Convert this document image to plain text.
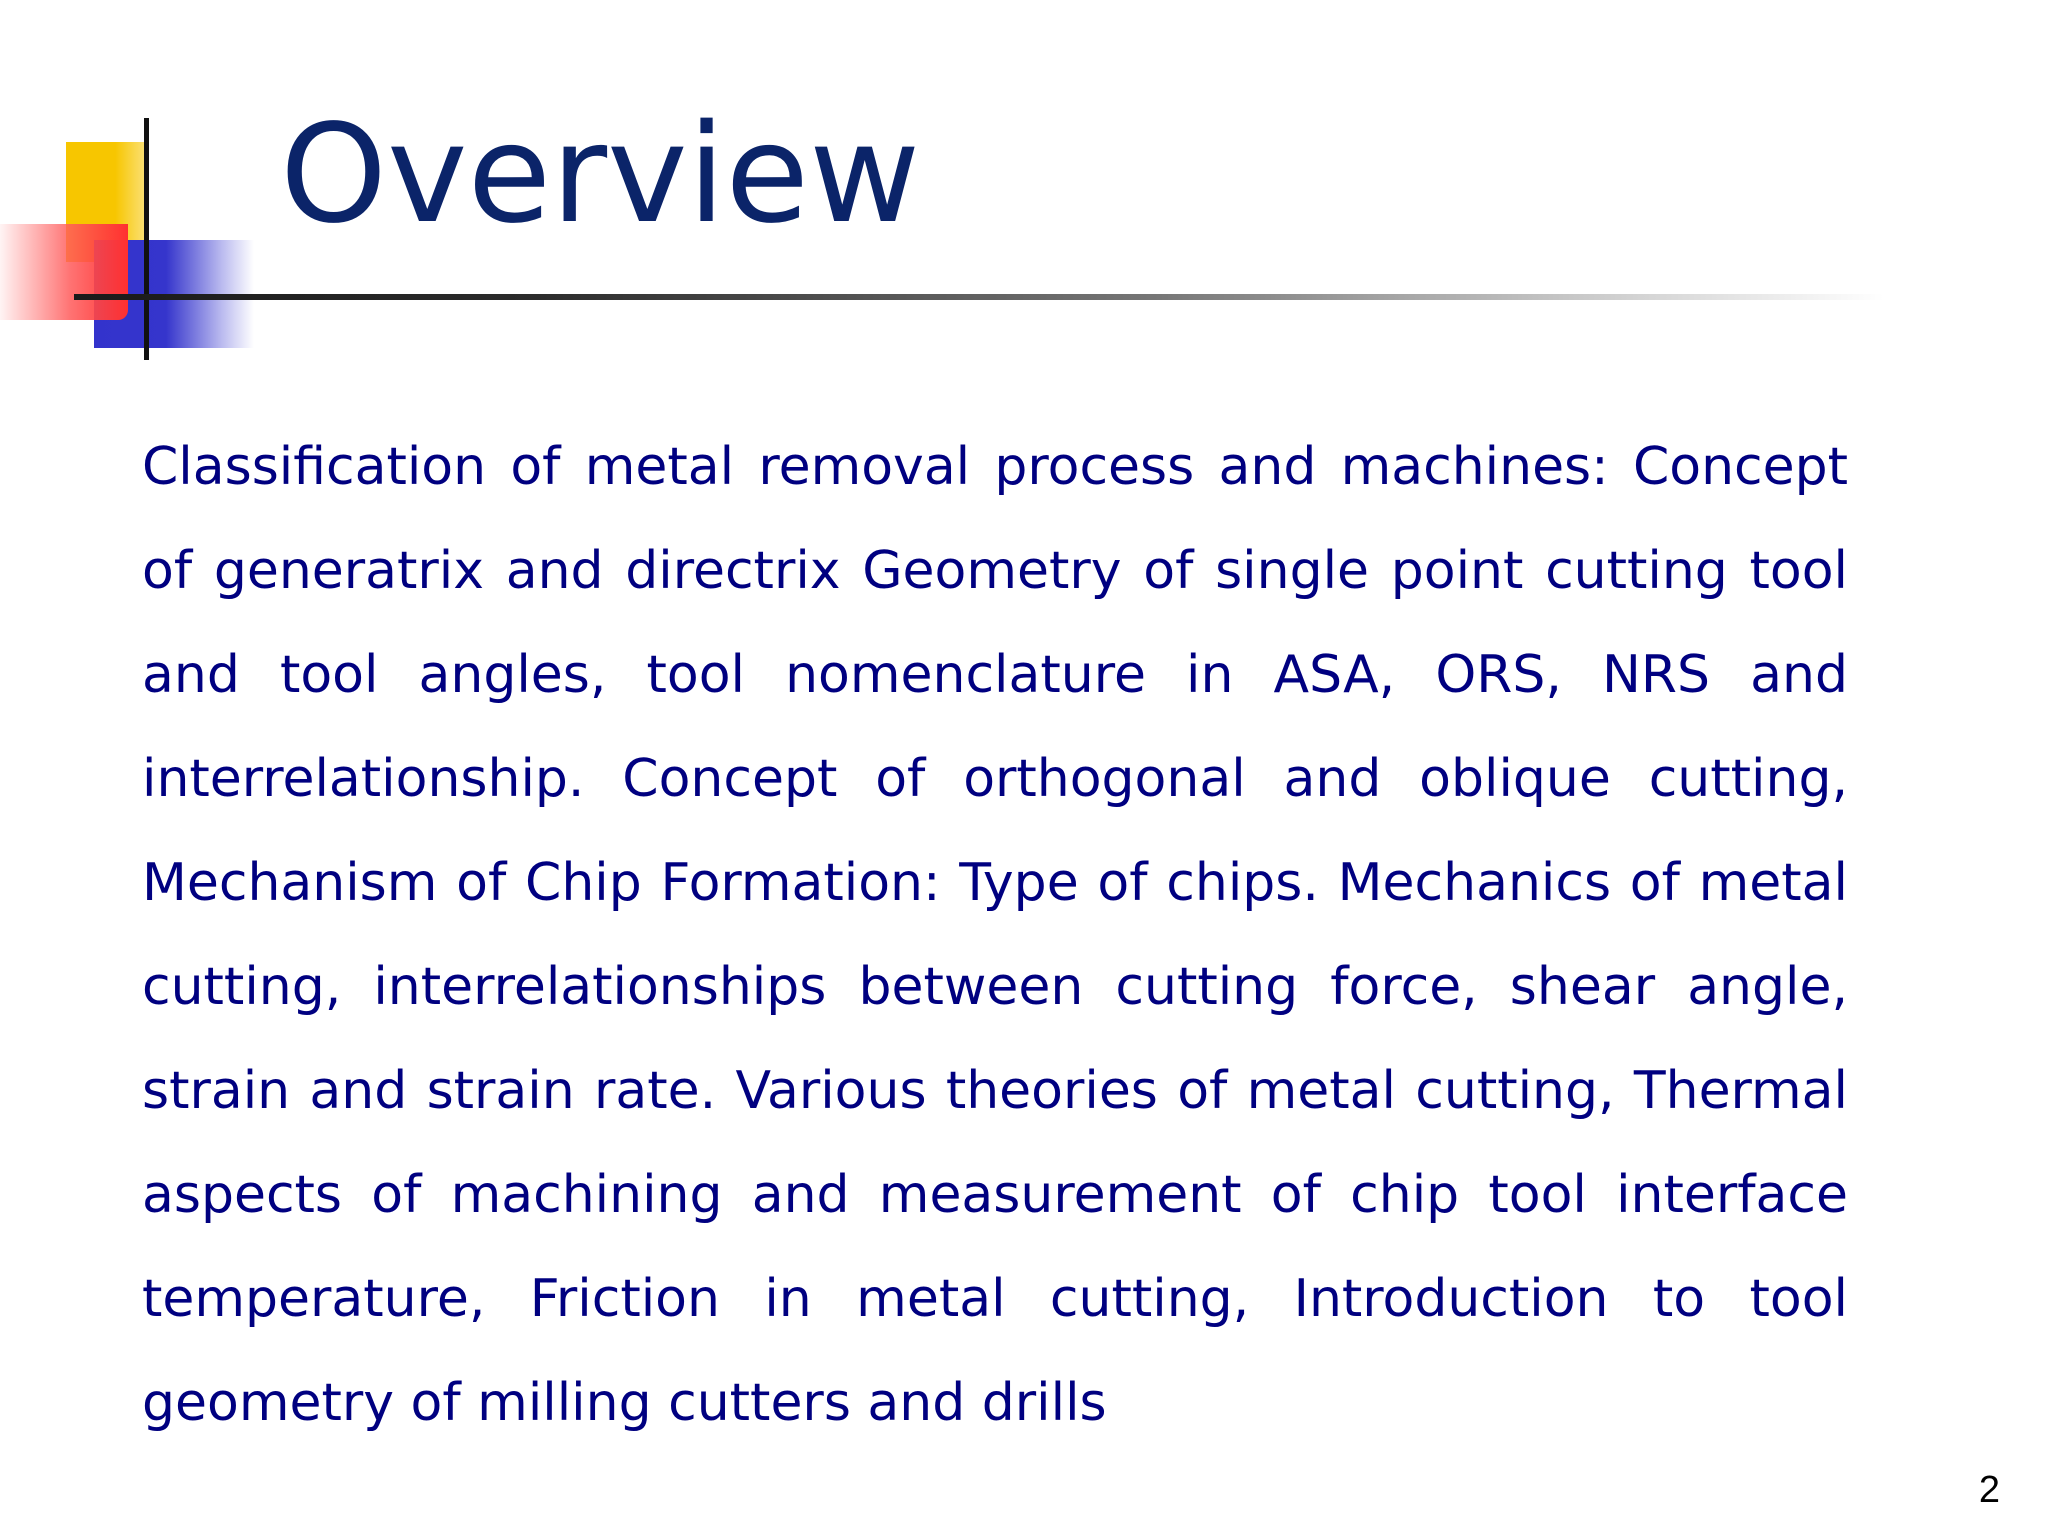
Overview

Classification of metal removal process and machines: Concept of generatrix and directrix Geometry of single point cutting tool and tool angles, tool nomenclature in ASA, ORS, NRS and interrelationship. Concept of orthogonal and oblique cutting, Mechanism of Chip Formation: Type of chips. Mechanics of metal cutting, interrelationships between cutting force, shear angle, strain and strain rate. Various theories of metal cutting, Thermal aspects of machining and measurement of chip tool interface temperature, Friction in metal cutting, Introduction to tool geometry of milling cutters and drills

2
